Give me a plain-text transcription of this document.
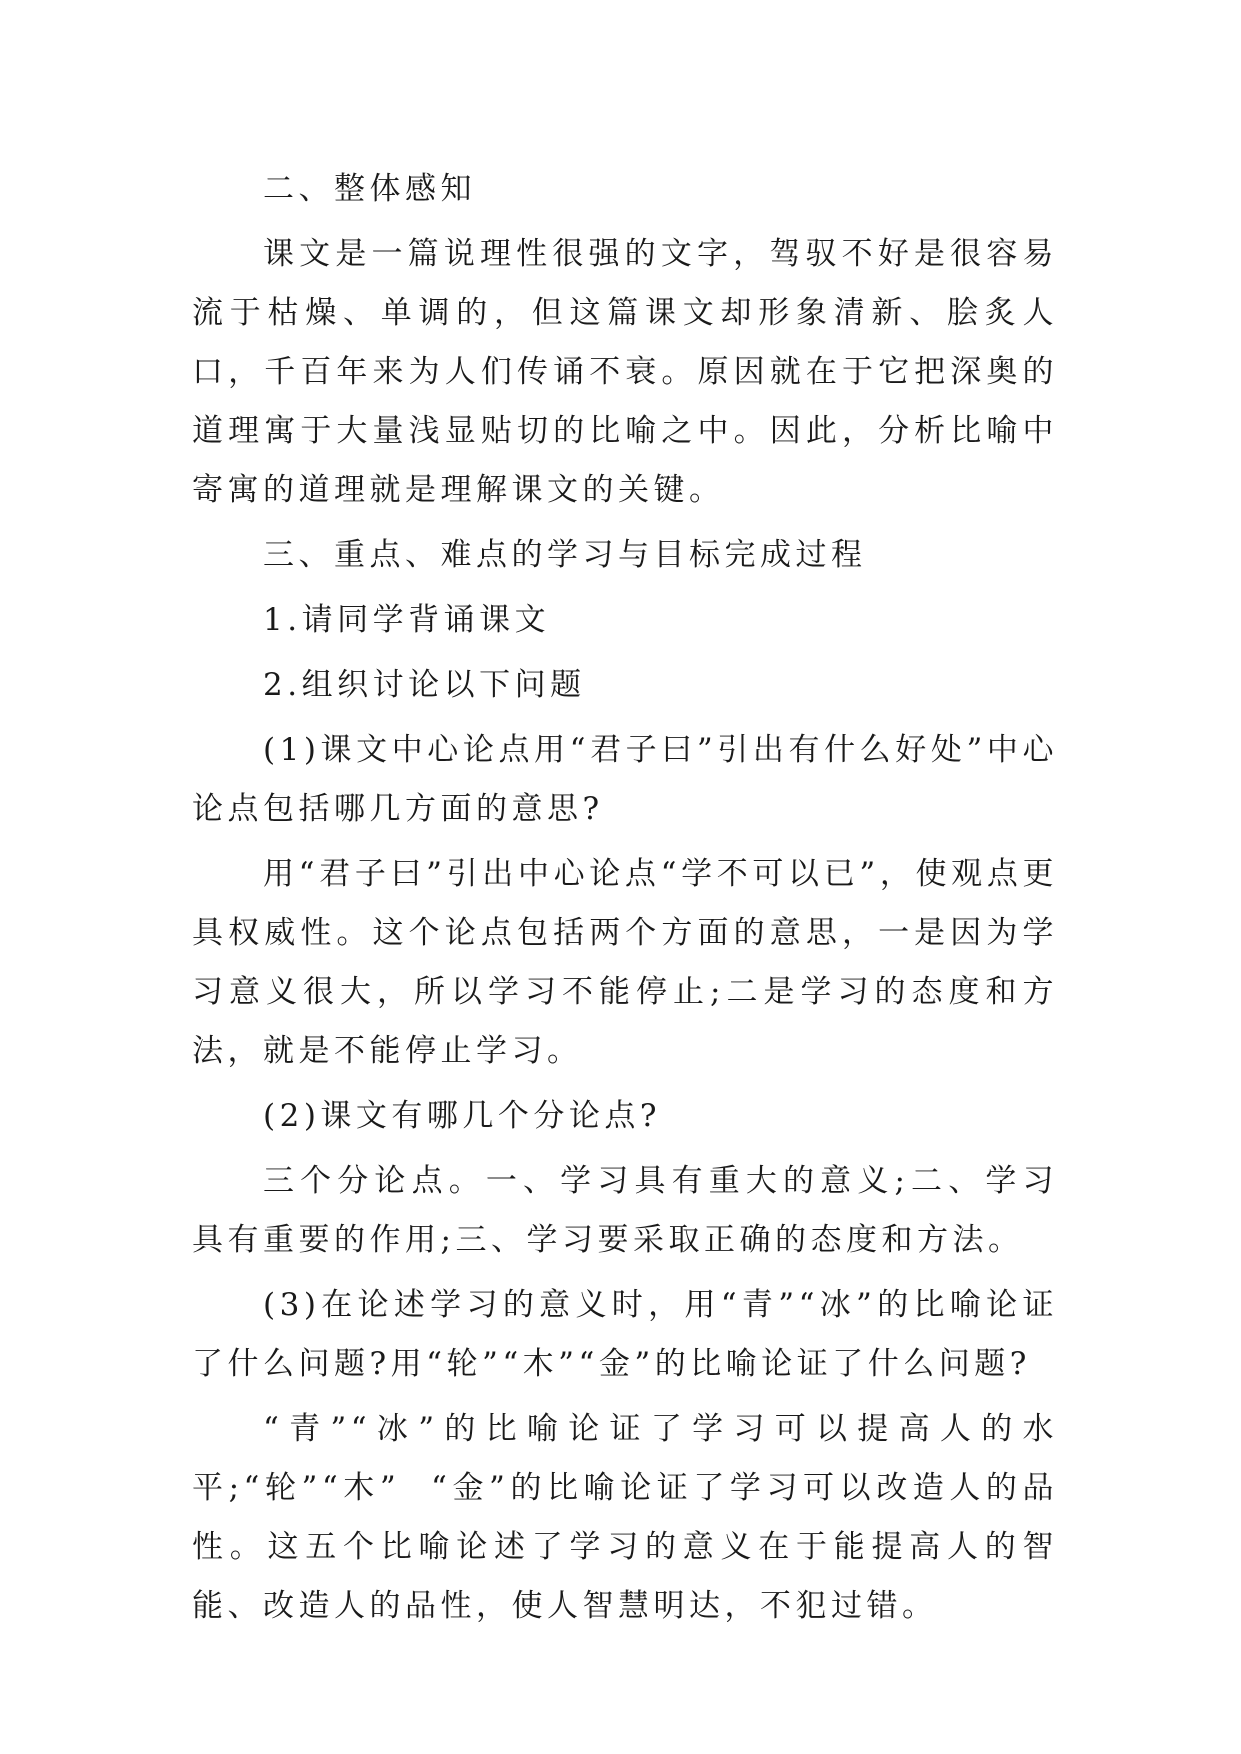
二、整体感知

课文是一篇说理性很强的文字，驾驭不好是很容易流于枯燥、单调的，但这篇课文却形象清新、脍炙人口，千百年来为人们传诵不衰。原因就在于它把深奥的道理寓于大量浅显贴切的比喻之中。因此，分析比喻中寄寓的道理就是理解课文的关键。

三、重点、难点的学习与目标完成过程

1.请同学背诵课文

2.组织讨论以下问题

(1)课文中心论点用“君子曰”引出有什么好处”中心论点包括哪几方面的意思?

用“君子曰”引出中心论点“学不可以已”，使观点更具权威性。这个论点包括两个方面的意思，一是因为学习意义很大，所以学习不能停止;二是学习的态度和方法，就是不能停止学习。

(2)课文有哪几个分论点?

三个分论点。一、学习具有重大的意义;二、学习具有重要的作用;三、学习要采取正确的态度和方法。

(3)在论述学习的意义时，用“青”“冰”的比喻论证了什么问题?用“轮”“木”“金”的比喻论证了什么问题?

“青”“冰”的比喻论证了学习可以提高人的水平;“轮”“木”  “金”的比喻论证了学习可以改造人的品性。这五个比喻论述了学习的意义在于能提高人的智能、改造人的品性，使人智慧明达，不犯过错。
